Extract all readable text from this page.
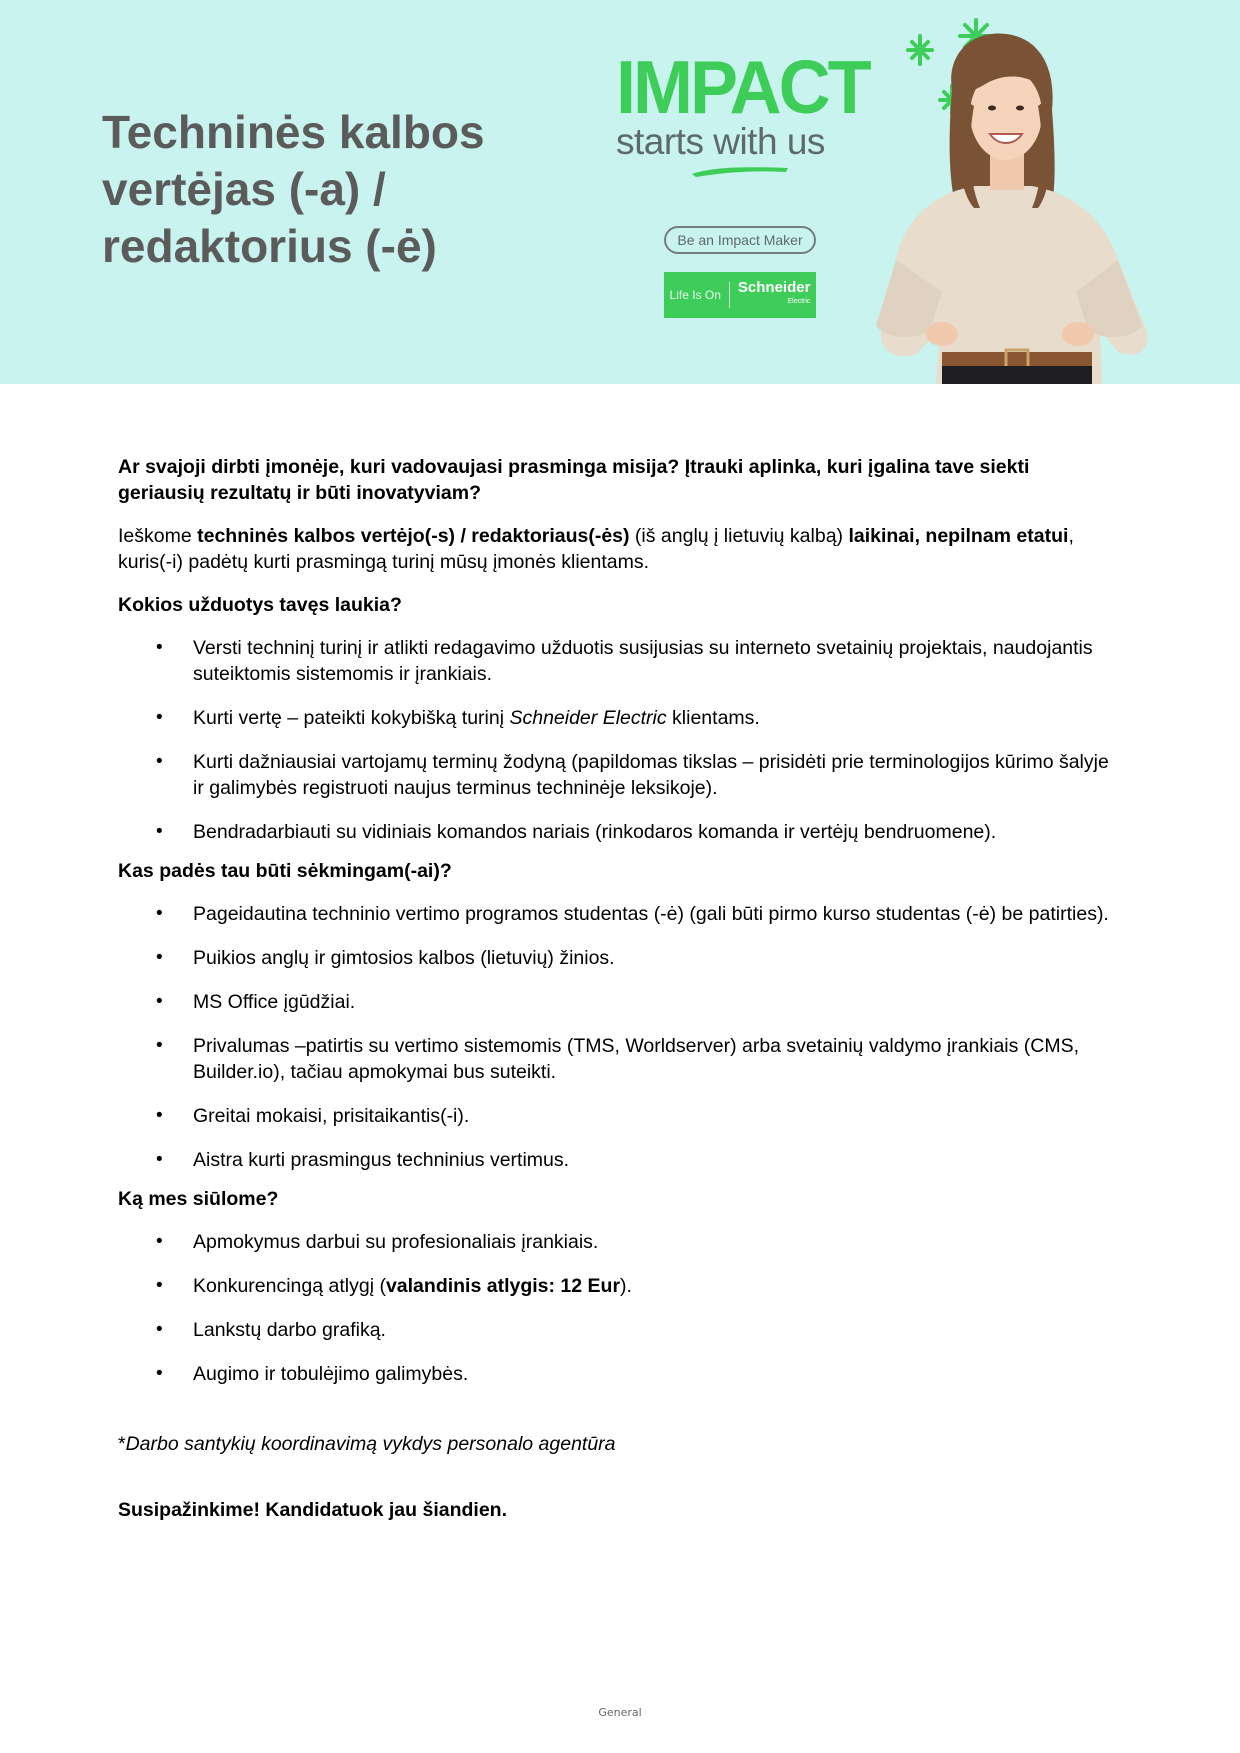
Techninės kalbos
vertėjas (-a) /
redaktorius (-ė)
IMPACT
starts with us
Be an Impact Maker
Life Is On Schneider
Electric

Ar svajoji dirbti įmonėje, kuri vadovaujasi prasminga misija? Įtrauki aplinka, kuri įgalina tave siekti geriausių rezultatų ir būti inovatyviam?

Ieškome techninės kalbos vertėjo(-s) / redaktoriaus(-ės) (iš anglų į lietuvių kalbą) laikinai, nepilnam etatui, kuris(-i) padėtų kurti prasmingą turinį mūsų įmonės klientams.

Kokios užduotys tavęs laukia?
• Versti techninį turinį ir atlikti redagavimo užduotis susijusias su interneto svetainių projektais, naudojantis suteiktomis sistemomis ir įrankiais.
• Kurti vertę – pateikti kokybišką turinį Schneider Electric klientams.
• Kurti dažniausiai vartojamų terminų žodyną (papildomas tikslas – prisidėti prie terminologijos kūrimo šalyje ir galimybės registruoti naujus terminus techninėje leksikoje).
• Bendradarbiauti su vidiniais komandos nariais (rinkodaros komanda ir vertėjų bendruomene).
Kas padės tau būti sėkmingam(-ai)?
• Pageidautina techninio vertimo programos studentas (-ė) (gali būti pirmo kurso studentas (-ė) be patirties).
• Puikios anglų ir gimtosios kalbos (lietuvių) žinios.
• MS Office įgūdžiai.
• Privalumas –patirtis su vertimo sistemomis (TMS, Worldserver) arba svetainių valdymo įrankiais (CMS, Builder.io), tačiau apmokymai bus suteikti.
• Greitai mokaisi, prisitaikantis(-i).
• Aistra kurti prasmingus techninius vertimus.
Ką mes siūlome?
• Apmokymus darbui su profesionaliais įrankiais.
• Konkurencingą atlygį (valandinis atlygis: 12 Eur).
• Lankstų darbo grafiką.
• Augimo ir tobulėjimo galimybės.

*Darbo santykių koordinavimą vykdys personalo agentūra

Susipažinkime! Kandidatuok jau šiandien.

General
